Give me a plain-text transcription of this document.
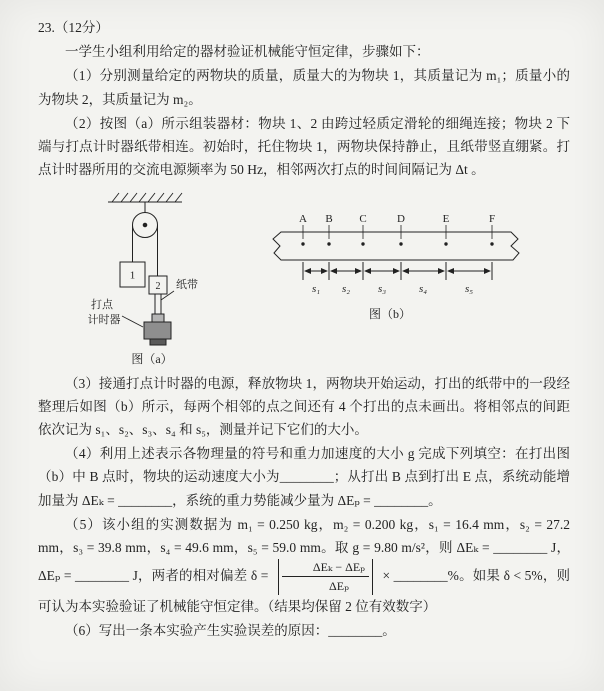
23.（12分）

一学生小组利用给定的器材验证机械能守恒定律，步骤如下：

（1）分别测量给定的两物块的质量，质量大的为物块 1，其质量记为 m₁；质量小的为物块 2，其质量记为 m₂。

（2）按图（a）所示组装器材：物块 1、2 由跨过轻质定滑轮的细绳连接；物块 2 下端与打点计时器纸带相连。初始时，托住物块 1，两物块保持静止，且纸带竖直绷紧。打点计时器所用的交流电源频率为 50 Hz，相邻两次打点的时间间隔记为 Δt 。

1
2
打点
计时器
纸带
图（a）
A B C	D	E	F
s₁ s₂	s₃	s₄	s₅
图（b）

（3）接通打点计时器的电源，释放物块 1，两物块开始运动，打出的纸带中的一段经整理后如图（b）所示，每两个相邻的点之间还有 4 个打出的点未画出。将相邻点的间距依次记为 s₁、s₂、s₃、s₄ 和 s₅，测量并记下它们的大小。

（4）利用上述表示各物理量的符号和重力加速度的大小 g 完成下列填空：在打出图（b）中 B 点时，物块的运动速度大小为________；从打出 B 点到打出 E 点，系统动能增加量为 ΔEₖ = ________，系统的重力势能减少量为 ΔEₚ = ________。

（5）该小组的实测数据为 m₁ = 0.250 kg，m₂ = 0.200 kg，s₁ = 16.4 mm，s₂ = 27.2 mm，s₃ = 39.8 mm，s₄ = 49.6 mm，s₅ = 59.0 mm。取 g = 9.80 m/s²，则 ΔEₖ = ________ J，ΔEₚ = ________ J，两者的相对偏差 $\delta = \frac{\text{ΔEₖ − ΔEₚ}}{\text{ΔEₚ}}$ × ________%。如果 δ < 5%，则可认为本实验验证了机械能守恒定律。（结果均保留 2 位有效数字）

（6）写出一条本实验产生实验误差的原因：________。
